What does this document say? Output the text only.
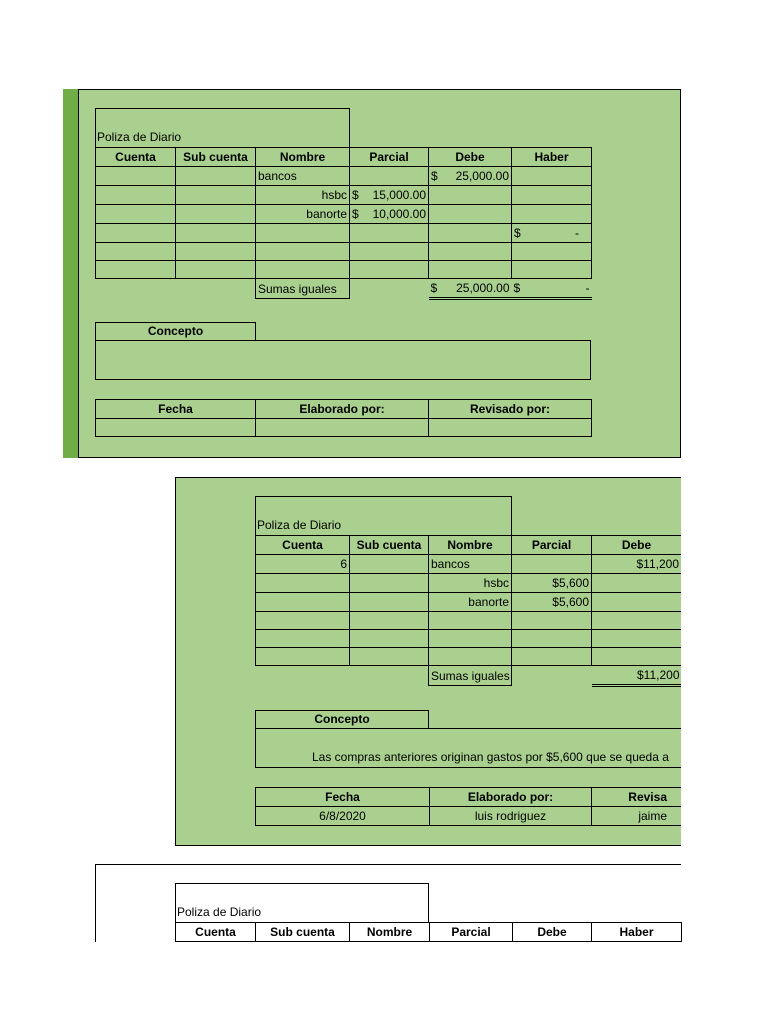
Poliza de Diario
Cuenta	Sub cuenta	Nombre	Parcial	Debe	Haber
		bancos		$ 25,000.00	

		hsbc	$ 15,000.00		

		banorte	$ 10,000.00		

					$ -

		Sumas iguales		$ 25,000.00	$ -
Concepto
Fecha	Elaborado por:	Revisado por:

Poliza de Diario
Cuenta	Sub cuenta	Nombre	Parcial	Debe
6		bancos		$11,200
		hsbc	$5,600	
		banorte	$5,600	

		Sumas iguales		$11,200
Concepto
Las compras anteriores originan gastos por $5,600 que se queda a
Fecha	Elaborado por:	Revisa
6/8/2020	luis rodriguez	jaime
Poliza de Diario
Cuenta	Sub cuenta	Nombre	Parcial	Debe	Haber
